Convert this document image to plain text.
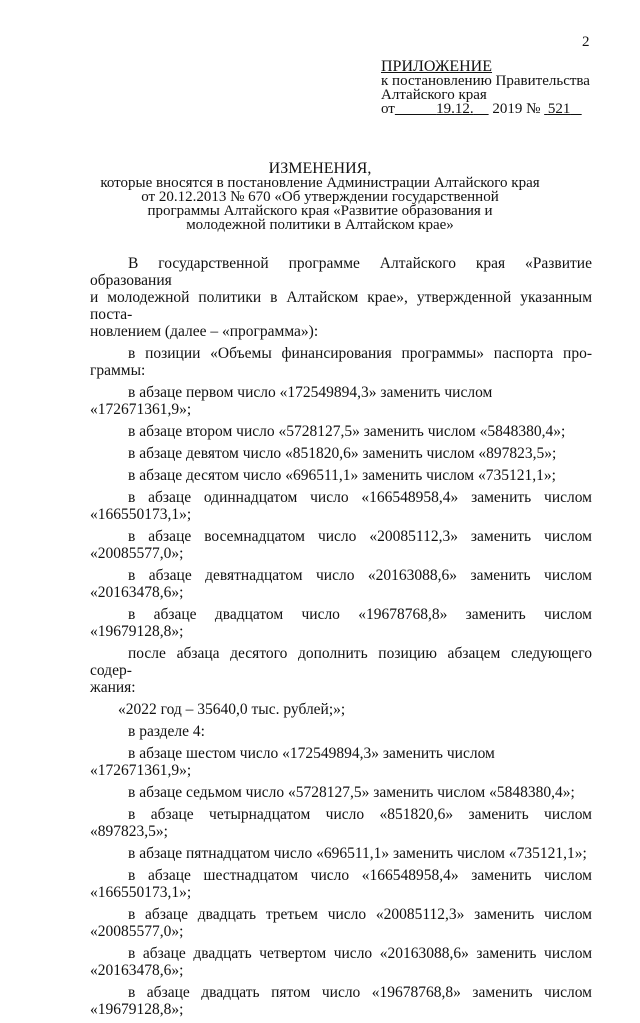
2
ПРИЛОЖЕНИЕ
к постановлению Правительства
Алтайского края
от	19.12. 2019 № 521
ИЗМЕНЕНИЯ,
которые вносятся в постановление Администрации Алтайского края
от 20.12.2013 № 670 «Об утверждении государственной
программы Алтайского края «Развитие образования и
молодежной политики в Алтайском крае»
В государственной программе Алтайского края «Развитие образования
и молодежной политики в Алтайском крае», утвержденной указанным поста-
новлением (далее – «программа»):
в позиции «Объемы финансирования программы» паспорта про-
граммы:
в абзаце первом число «172549894,3» заменить числом «172671361,9»;
в абзаце втором число «5728127,5» заменить числом «5848380,4»;
в абзаце девятом число «851820,6» заменить числом «897823,5»;
в абзаце десятом число «696511,1» заменить числом «735121,1»;
в абзаце одиннадцатом число «166548958,4» заменить числом
«166550173,1»;
в абзаце восемнадцатом число «20085112,3» заменить числом
«20085577,0»;
в абзаце девятнадцатом число «20163088,6» заменить числом
«20163478,6»;
в абзаце двадцатом число «19678768,8» заменить числом
«19679128,8»;
после абзаца десятого дополнить позицию абзацем следующего содер-
жания:
«2022 год – 35640,0 тыс. рублей;»;
в разделе 4:
в абзаце шестом число «172549894,3» заменить числом «172671361,9»;
в абзаце седьмом число «5728127,5» заменить числом «5848380,4»;
в абзаце четырнадцатом число «851820,6» заменить числом
«897823,5»;
в абзаце пятнадцатом число «696511,1» заменить числом «735121,1»;
в абзаце шестнадцатом число «166548958,4» заменить числом
«166550173,1»;
в абзаце двадцать третьем число «20085112,3» заменить числом
«20085577,0»;
в абзаце двадцать четвертом число «20163088,6» заменить числом
«20163478,6»;
в абзаце двадцать пятом число «19678768,8» заменить числом
«19679128,8»;
